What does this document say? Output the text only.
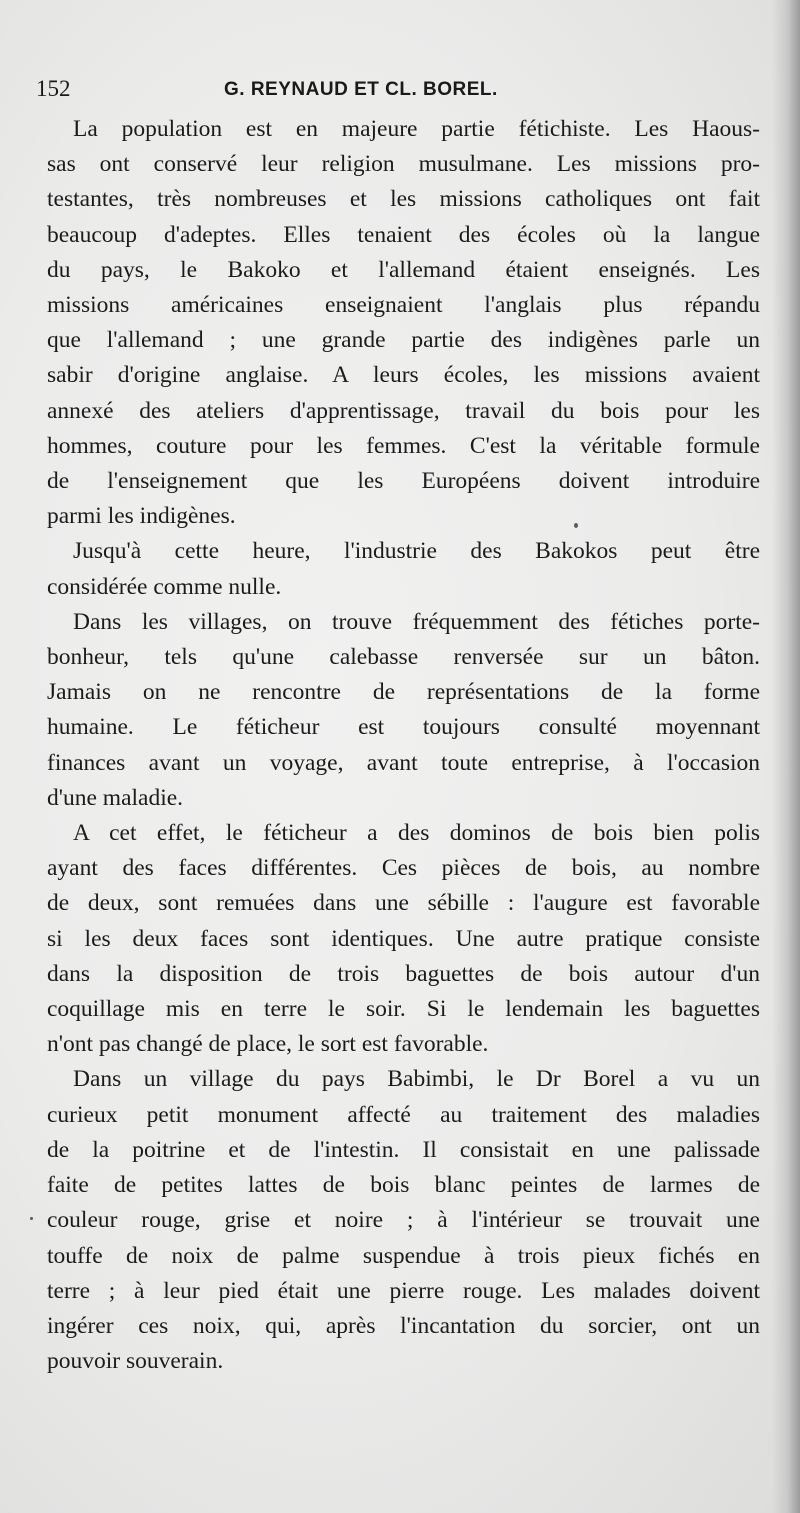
152	G. REYNAUD ET CL. BOREL.
La population est en majeure partie fétichiste. Les Haous-
sas ont conservé leur religion musulmane. Les missions pro-
testantes, très nombreuses et les missions catholiques ont fait
beaucoup d'adeptes. Elles tenaient des écoles où la langue
du pays, le Bakoko et l'allemand étaient enseignés. Les
missions américaines enseignaient l'anglais plus répandu
que l'allemand ; une grande partie des indigènes parle un
sabir d'origine anglaise. A leurs écoles, les missions avaient
annexé des ateliers d'apprentissage, travail du bois pour les
hommes, couture pour les femmes. C'est la véritable formule
de l'enseignement que les Européens doivent introduire
parmi les indigènes.
Jusqu'à cette heure, l'industrie des Bakokos peut être
considérée comme nulle.
Dans les villages, on trouve fréquemment des fétiches porte-
bonheur, tels qu'une calebasse renversée sur un bâton.
Jamais on ne rencontre de représentations de la forme
humaine. Le féticheur est toujours consulté moyennant
finances avant un voyage, avant toute entreprise, à l'occasion
d'une maladie.
A cet effet, le féticheur a des dominos de bois bien polis
ayant des faces différentes. Ces pièces de bois, au nombre
de deux, sont remuées dans une sébille : l'augure est favorable
si les deux faces sont identiques. Une autre pratique consiste
dans la disposition de trois baguettes de bois autour d'un
coquillage mis en terre le soir. Si le lendemain les baguettes
n'ont pas changé de place, le sort est favorable.
Dans un village du pays Babimbi, le Dr Borel a vu un
curieux petit monument affecté au traitement des maladies
de la poitrine et de l'intestin. Il consistait en une palissade
faite de petites lattes de bois blanc peintes de larmes de
couleur rouge, grise et noire ; à l'intérieur se trouvait une
touffe de noix de palme suspendue à trois pieux fichés en
terre ; à leur pied était une pierre rouge. Les malades doivent
ingérer ces noix, qui, après l'incantation du sorcier, ont un
pouvoir souverain.
